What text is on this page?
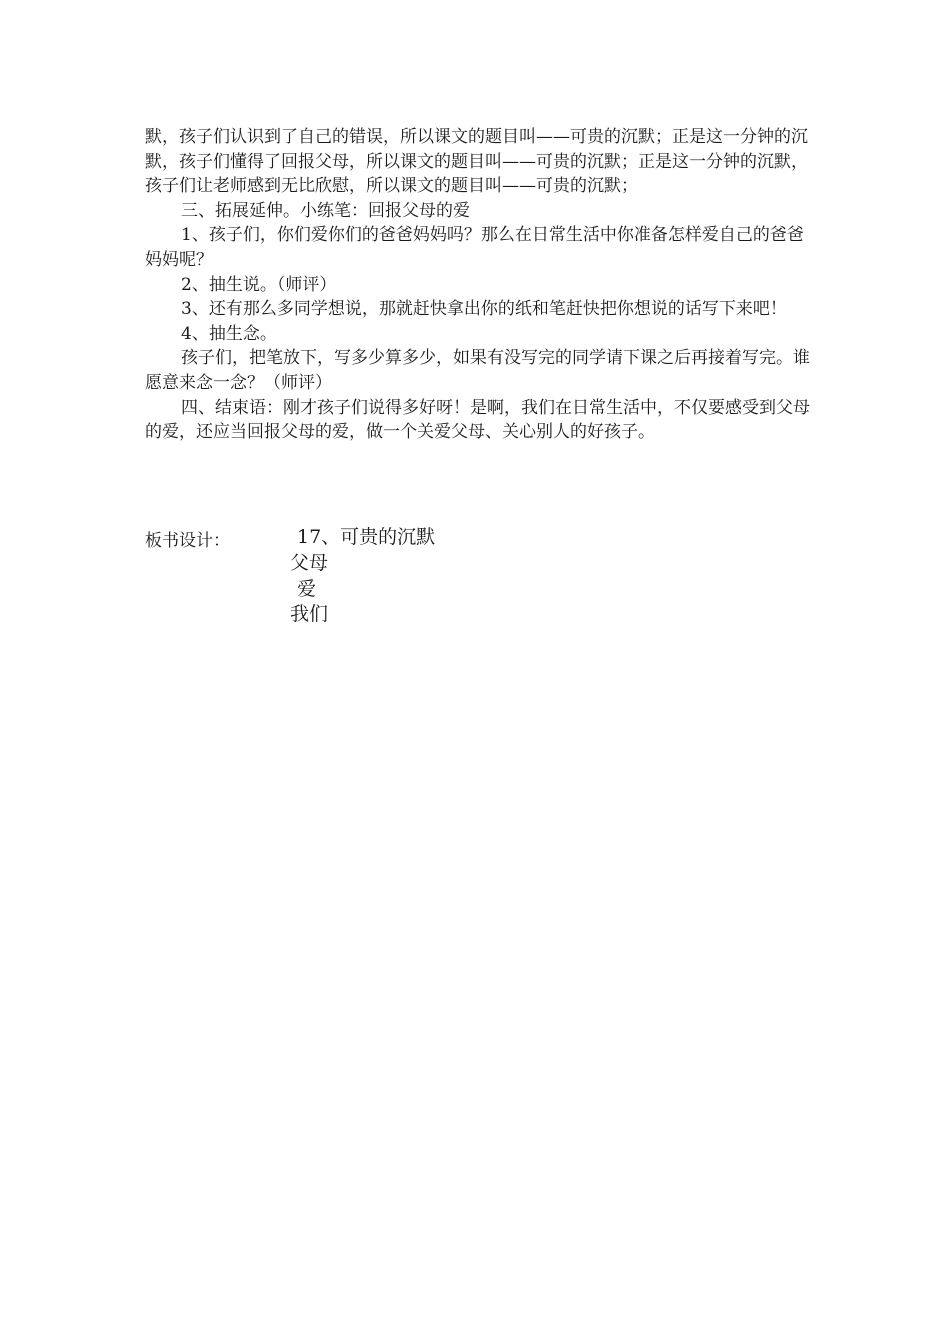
默，孩子们认识到了自己的错误，所以课文的题目叫——可贵的沉默；正是这一分钟的沉默，孩子们懂得了回报父母，所以课文的题目叫——可贵的沉默；正是这一分钟的沉默，孩子们让老师感到无比欣慰，所以课文的题目叫——可贵的沉默；

三、拓展延伸。小练笔：回报父母的爱

1、孩子们，你们爱你们的爸爸妈妈吗？那么在日常生活中你准备怎样爱自己的爸爸妈妈呢？

2、抽生说。（师评）

3、还有那么多同学想说，那就赶快拿出你的纸和笔赶快把你想说的话写下来吧！

4、抽生念。

孩子们，把笔放下，写多少算多少，如果有没写完的同学请下课之后再接着写完。谁愿意来念一念？（师评）

四、结束语：刚才孩子们说得多好呀！是啊，我们在日常生活中，不仅要感受到父母的爱，还应当回报父母的爱，做一个关爱父母、关心别人的好孩子。

板书设计：	17、可贵的沉默
父母
爱
我们
